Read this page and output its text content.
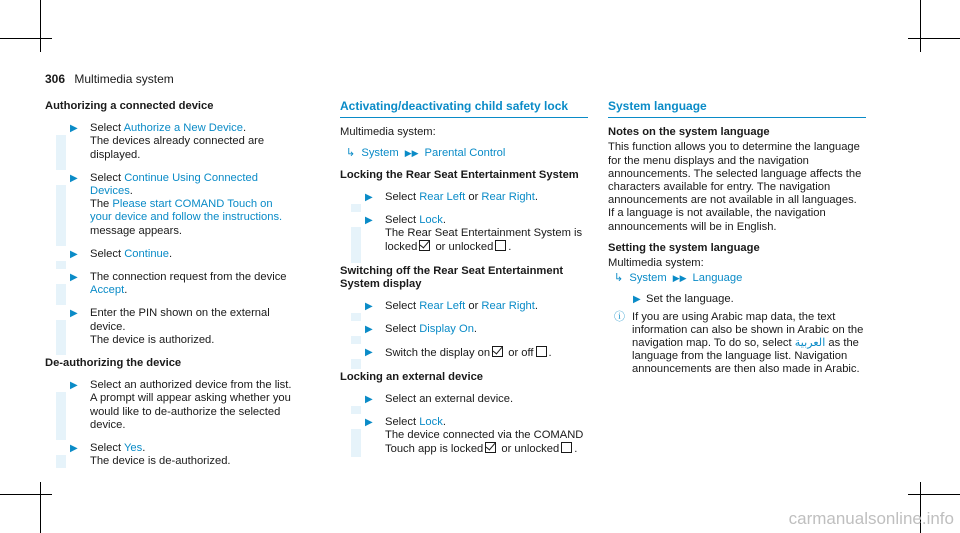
306 Multimedia system
Authorizing a connected device
▶ Select Authorize a New Device.
The devices already connected are displayed.
▶ Select Continue Using Connected Devices.
The Please start COMAND Touch on your device and follow the instructions. message appears.
▶ Select Continue.
▶ The connection request from the device Accept.
▶ Enter the PIN shown on the external device.
The device is authorized.
De-authorizing the device
▶ Select an authorized device from the list.
A prompt will appear asking whether you would like to de-authorize the selected device.
▶ Select Yes.
The device is de-authorized.
Activating/deactivating child safety lock
Multimedia system:
↳ System ▶▶ Parental Control
Locking the Rear Seat Entertainment System
▶ Select Rear Left or Rear Right.
▶ Select Lock.
The Rear Seat Entertainment System is locked or unlocked .
Switching off the Rear Seat Entertainment System display
▶ Select Rear Left or Rear Right.
▶ Select Display On.
▶ Switch the display on or off .
Locking an external device
▶ Select an external device.
▶ Select Lock.
The device connected via the COMAND Touch app is locked or unlocked .
System language
Notes on the system language
This function allows you to determine the language for the menu displays and the navigation announcements. The selected language affects the characters available for entry. The navigation announcements are not available in all languages. If a language is not available, the navigation announcements will be in English.
Setting the system language
Multimedia system:
↳ System ▶▶ Language
▶ Set the language.
ⓘ If you are using Arabic map data, the text information can also be shown in Arabic on the navigation map. To do so, select العربية as the language from the language list. Navigation announcements are then also made in Arabic.
carmanualsonline.info
